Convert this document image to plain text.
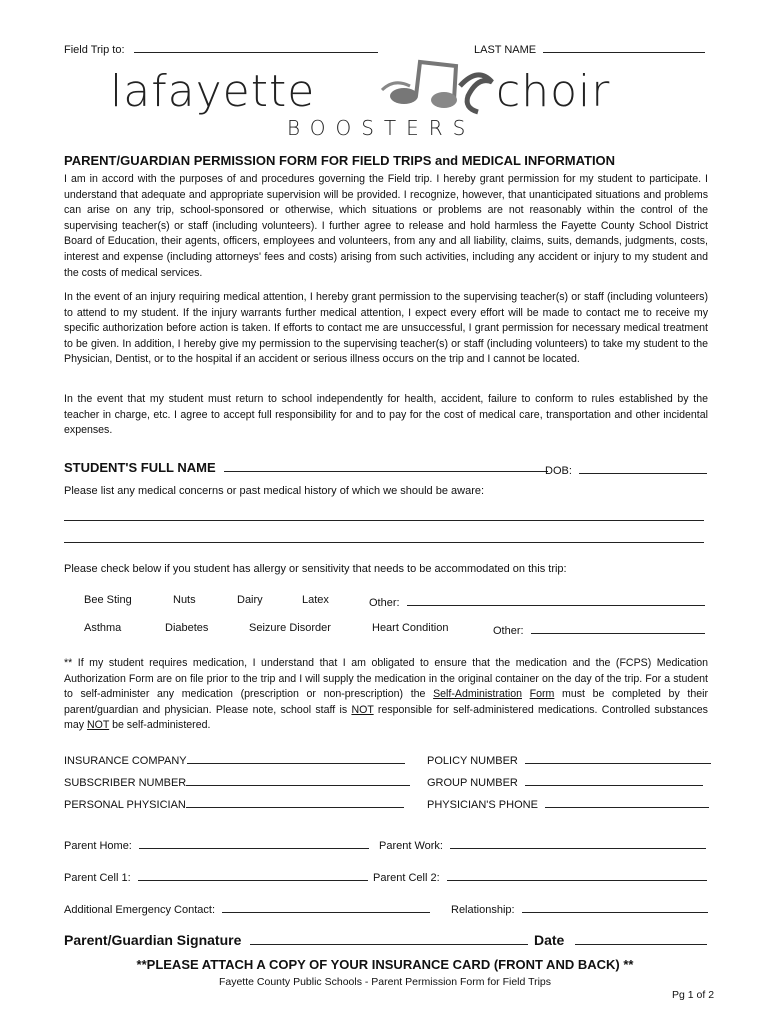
Field Trip to:	LAST NAME
lafayette	choir
BOOSTERS
PARENT/GUARDIAN PERMISSION FORM FOR FIELD TRIPS and MEDICAL INFORMATION

I am in accord with the purposes of and procedures governing the Field trip. I hereby grant permission for my student to participate. I understand that adequate and appropriate supervision will be provided. I recognize, however, that unanticipated situations and problems can arise on any trip, school-sponsored or otherwise, which situations or problems are not reasonably within the control of the supervising teacher(s) or staff (including volunteers). I further agree to release and hold harmless the Fayette County School District Board of Education, their agents, officers, employees and volunteers, from any and all liability, claims, suits, demands, judgments, costs, interest and expense (including attorneys' fees and costs) arising from such activities, including any accident or injury to my student and the costs of medical services.

In the event of an injury requiring medical attention, I hereby grant permission to the supervising teacher(s) or staff (including volunteers) to attend to my student. If the injury warrants further medical attention, I expect every effort will be made to contact me to receive my specific authorization before action is taken. If efforts to contact me are unsuccessful, I grant permission for necessary medical treatment to be given. In addition, I hereby give my permission to the supervising teacher(s) or staff (including volunteers) to take my student to the Physician, Dentist, or to the hospital if an accident or serious illness occurs on the trip and I cannot be located.

In the event that my student must return to school independently for health, accident, failure to conform to rules established by the teacher in charge, etc. I agree to accept full responsibility for and to pay for the cost of medical care, transportation and other incidental expenses.

STUDENT'S FULL NAME	DOB:
Please list any medical concerns or past medical history of which we should be aware:
Please check below if you student has allergy or sensitivity that needs to be accommodated on this trip:
Bee Sting	Nuts	Dairy	Latex	Other:
Asthma	Diabetes	Seizure Disorder	Heart Condition	Other:

** If my student requires medication, I understand that I am obligated to ensure that the medication and the (FCPS) Medication Authorization Form are on file prior to the trip and I will supply the medication in the original container on the day of the trip. For a student to self-administer any medication (prescription or non-prescription) the Self-Administration Form must be completed by their parent/guardian and physician. Please note, school staff is NOT responsible for self-administered medications. Controlled substances may NOT be self-administered.

INSURANCE COMPANY	POLICY NUMBER
SUBSCRIBER NUMBER	GROUP NUMBER
PERSONAL PHYSICIAN	PHYSICIAN'S PHONE
Parent Home:	Parent Work:
Parent Cell 1:	Parent Cell 2:
Additional Emergency Contact:	Relationship:
Parent/Guardian Signature	Date
**PLEASE ATTACH A COPY OF YOUR INSURANCE CARD (FRONT AND BACK) **
Fayette County Public Schools - Parent Permission Form for Field Trips
Pg 1 of 2
